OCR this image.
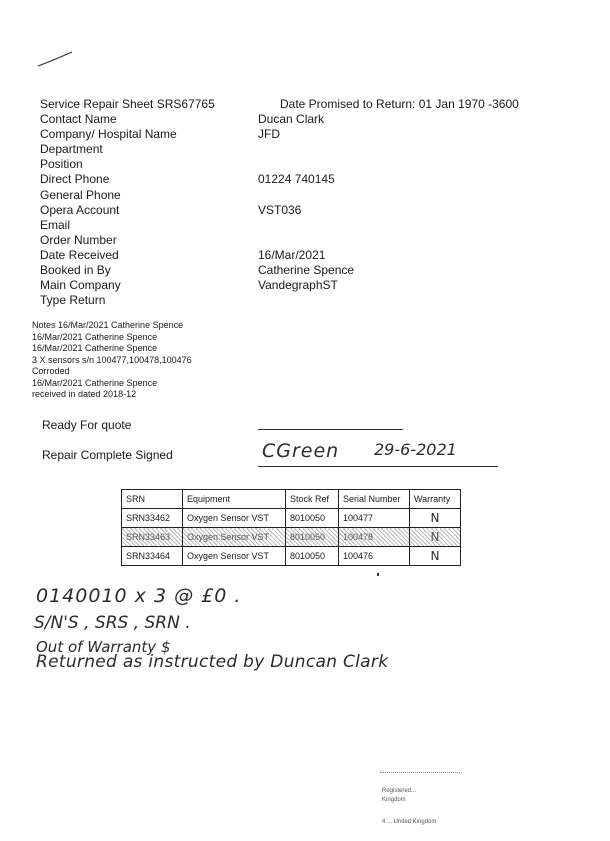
Service Repair Sheet SRS67765	Date Promised to Return: 01 Jan 1970 -3600
Contact Name	Ducan Clark
Company/ Hospital Name	JFD
Department
Position
Direct Phone	01224 740145
General Phone
Opera Account	VST036
Email
Order Number
Date Received	16/Mar/2021
Booked in By	Catherine Spence
Main Company	VandegraphST
Type Return
Notes 16/Mar/2021 Catherine Spence
16/Mar/2021 Catherine Spence
16/Mar/2021 Catherine Spence
3 X sensors s/n 100477,100478,100476
Corroded
16/Mar/2021 Catherine Spence
received in dated 2018-12
Ready For quote
Repair Complete Signed	CGreen 29-6-2021
SRN	Equipment	Stock Ref	Serial Number	Warranty
SRN33462	Oxygen Sensor VST	8010050	100477	N
SRN33463	Oxygen Sensor VST	8010050	100478	N
SRN33464	Oxygen Sensor VST	8010050	100476	N
0140010 x 3 @ £0 .
S/N'S , SRS , SRN .
Out of Warranty $
Returned as instructed by Duncan Clark
Registered...
Kingdom
4 ... United Kingdom
